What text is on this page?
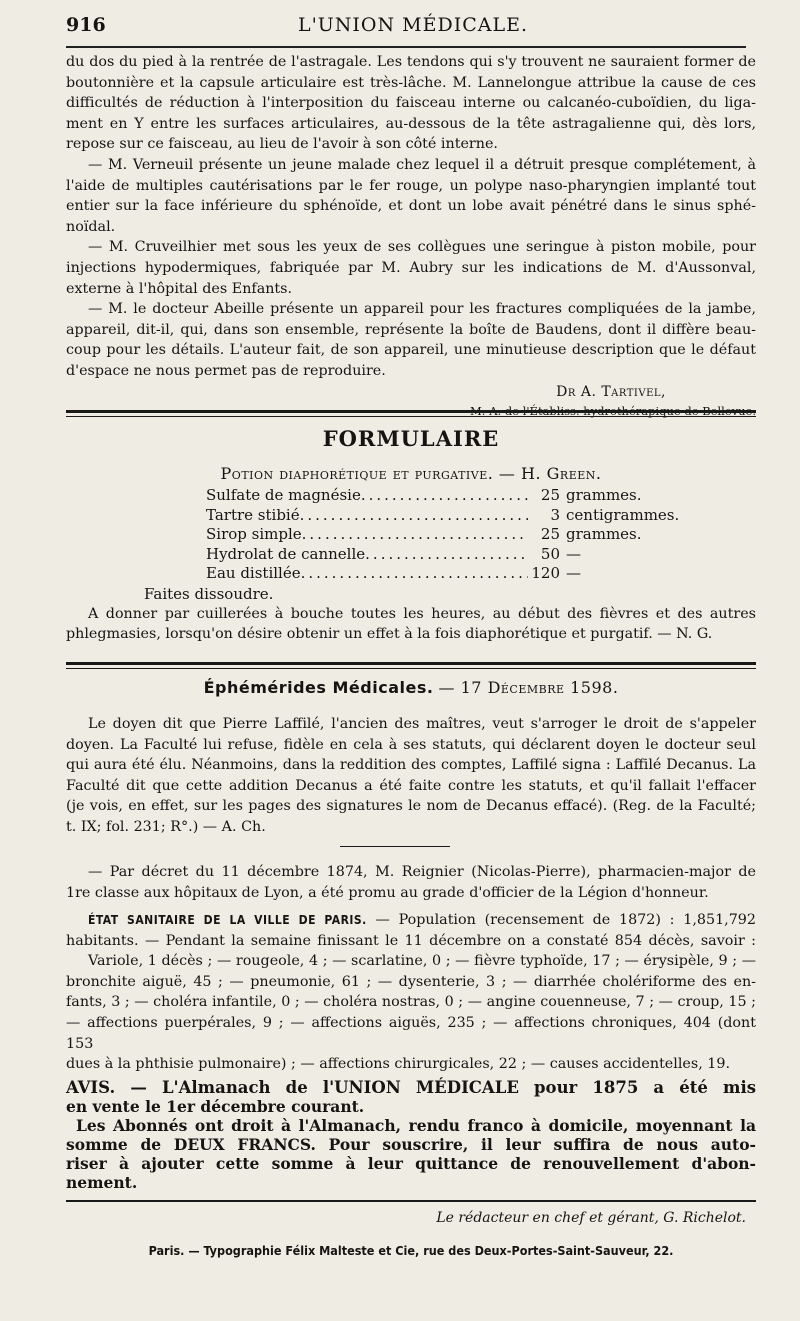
916	L'UNION MÉDICALE.

du dos du pied à la rentrée de l'astragale. Les tendons qui s'y trouvent ne sauraient former de

boutonnière et la capsule articulaire est très-lâche. M. Lannelongue attribue la cause de ces

difficultés de réduction à l'interposition du faisceau interne ou calcanéo-cuboïdien, du liga-

ment en Y entre les surfaces articulaires, au-dessous de la tête astragalienne qui, dès lors,

repose sur ce faisceau, au lieu de l'avoir à son côté interne.

— M. Verneuil présente un jeune malade chez lequel il a détruit presque complétement, à

l'aide de multiples cautérisations par le fer rouge, un polype naso-pharyngien implanté tout

entier sur la face inférieure du sphénoïde, et dont un lobe avait pénétré dans le sinus sphé-

noïdal.

— M. Cruveilhier met sous les yeux de ses collègues une seringue à piston mobile, pour

injections hypodermiques, fabriquée par M. Aubry sur les indications de M. d'Aussonval,

externe à l'hôpital des Enfants.

— M. le docteur Abeille présente un appareil pour les fractures compliquées de la jambe,

appareil, dit-il, qui, dans son ensemble, représente la boîte de Baudens, dont il diffère beau-

coup pour les détails. L'auteur fait, de son appareil, une minutieuse description que le défaut

d'espace ne nous permet pas de reproduire.

Dr A. Tartivel,

M.-A. de l'Établiss. hydrothérapique de Bellevue.

FORMULAIRE
Potion diaphorétique et purgative. — H. Green.
Sulfate de magnésie .....	25 grammes.
Tartre stibié .....	3 centigrammes.
Sirop simple .....	25 grammes.
Hydrolat de cannelle .....	50 —
Eau distillée .....	120 —

Faites dissoudre.

A donner par cuillerées à bouche toutes les heures, au début des fièvres et des autres

phlegmasies, lorsqu'on désire obtenir un effet à la fois diaphorétique et purgatif. — N. G.

Éphémérides Médicales. — 17 Décembre 1598.

Le doyen dit que Pierre Laffilé, l'ancien des maîtres, veut s'arroger le droit de s'appeler

doyen. La Faculté lui refuse, fidèle en cela à ses statuts, qui déclarent doyen le docteur seul

qui aura été élu. Néanmoins, dans la reddition des comptes, Laffilé signa : Laffilé Decanus. La

Faculté dit que cette addition Decanus a été faite contre les statuts, et qu'il fallait l'effacer

(je vois, en effet, sur les pages des signatures le nom de Decanus effacé). (Reg. de la Faculté;

t. IX; fol. 231; R°.) — A. Ch.

— Par décret du 11 décembre 1874, M. Reignier (Nicolas-Pierre), pharmacien-major de

1re classe aux hôpitaux de Lyon, a été promu au grade d'officier de la Légion d'honneur.

ÉTAT SANITAIRE DE LA VILLE DE PARIS. — Population (recensement de 1872) : 1,851,792

habitants. — Pendant la semaine finissant le 11 décembre on a constaté 854 décès, savoir :

Variole, 1 décès ; — rougeole, 4 ; — scarlatine, 0 ; — fièvre typhoïde, 17 ; — érysipèle, 9 ; —

bronchite aiguë, 45 ; — pneumonie, 61 ; — dysenterie, 3 ; — diarrhée cholériforme des en-

fants, 3 ; — choléra infantile, 0 ; — choléra nostras, 0 ; — angine couenneuse, 7 ; — croup, 15 ;

— affections puerpérales, 9 ; — affections aiguës, 235 ; — affections chroniques, 404 (dont 153

dues à la phthisie pulmonaire) ; — affections chirurgicales, 22 ; — causes accidentelles, 19.

AVIS. — L'Almanach de l'UNION MÉDICALE pour 1875 a été mis

en vente le 1er décembre courant.

Les Abonnés ont droit à l'Almanach, rendu franco à domicile, moyennant la

somme de DEUX FRANCS. Pour souscrire, il leur suffira de nous auto-

riser à ajouter cette somme à leur quittance de renouvellement d'abon-

nement.

Le rédacteur en chef et gérant, G. Richelot.

Paris. — Typographie Félix Malteste et Cie, rue des Deux-Portes-Saint-Sauveur, 22.
